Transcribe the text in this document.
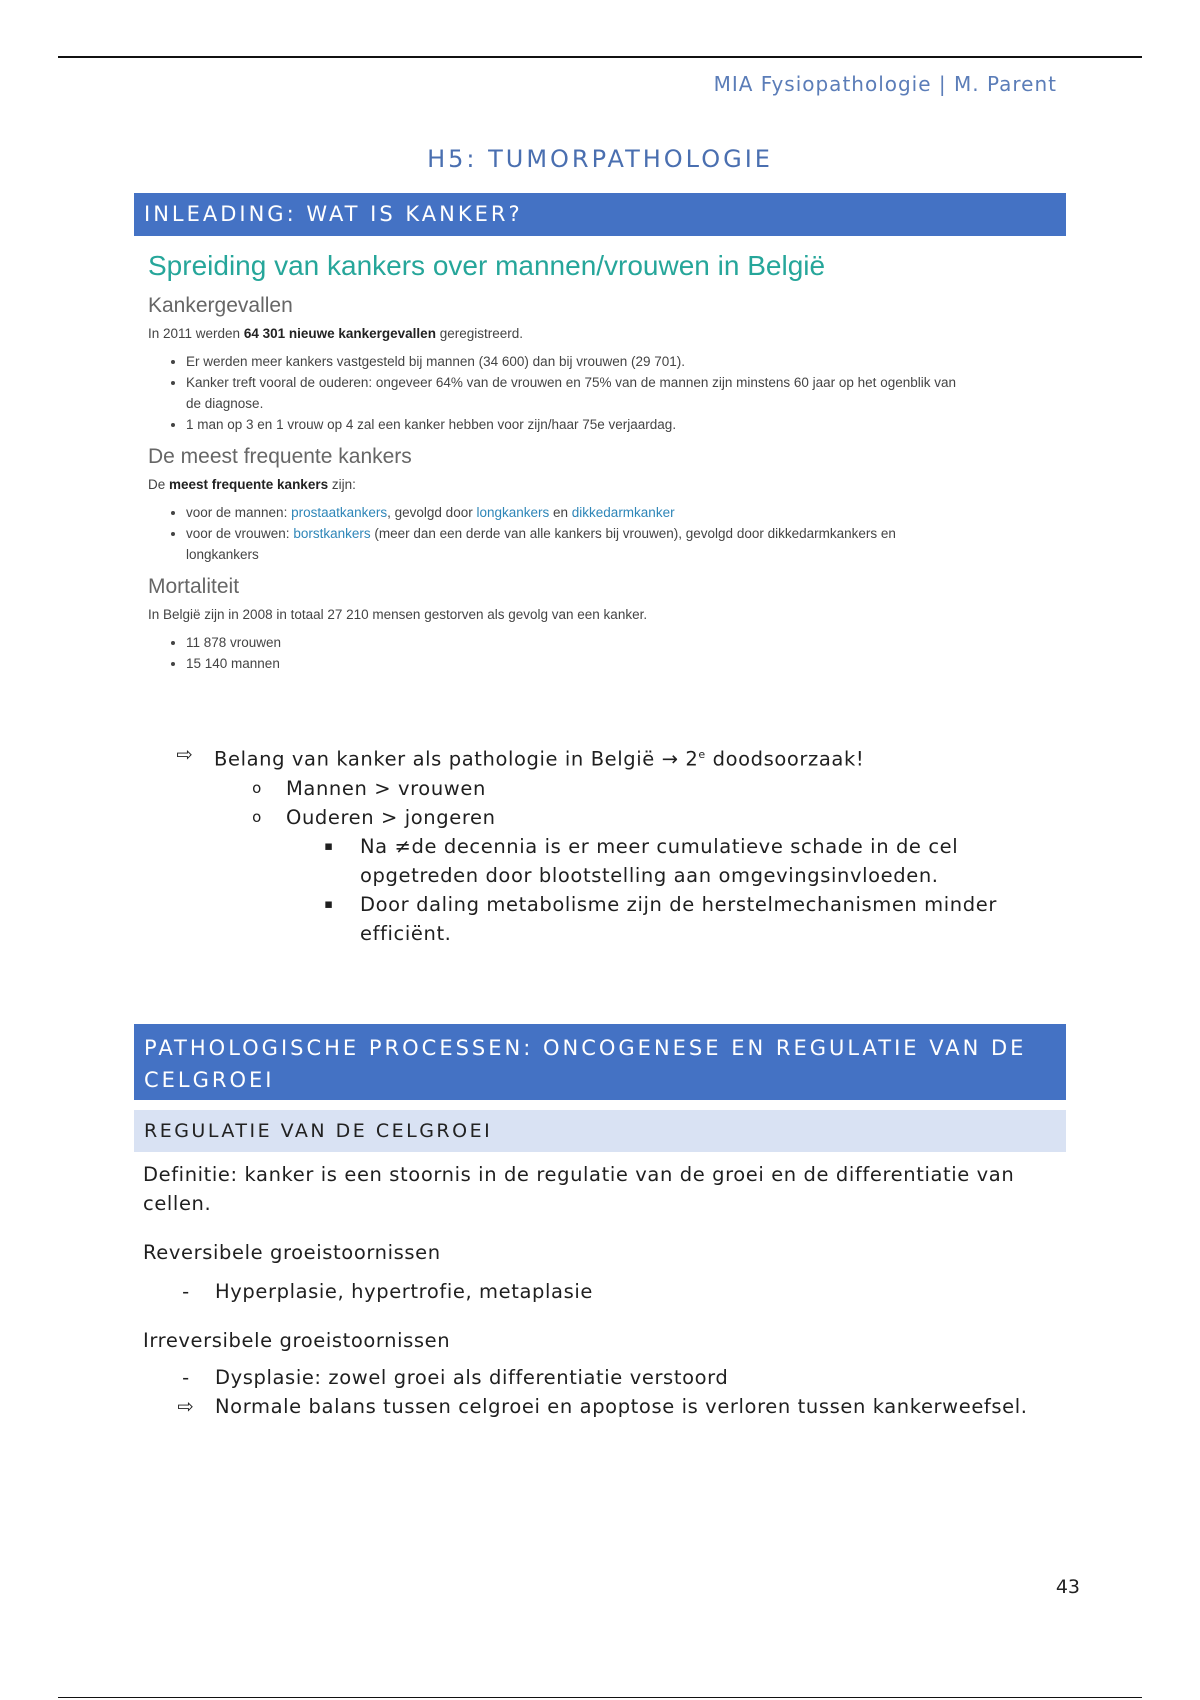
MIA Fysiopathologie | M. Parent
H5: TUMORPATHOLOGIE
INLEADING: WAT IS KANKER?
Spreiding van kankers over mannen/vrouwen in België
Kankergevallen

In 2011 werden 64 301 nieuwe kankergevallen geregistreerd.

• Er werden meer kankers vastgesteld bij mannen (34 600) dan bij vrouwen (29 701).
• Kanker treft vooral de ouderen: ongeveer 64% van de vrouwen en 75% van de mannen zijn minstens 60 jaar op het ogenblik van de diagnose.
• 1 man op 3 en 1 vrouw op 4 zal een kanker hebben voor zijn/haar 75e verjaardag.
De meest frequente kankers

De meest frequente kankers zijn:

• voor de mannen: prostaatkankers, gevolgd door longkankers en dikkedarmkanker
• voor de vrouwen: borstkankers (meer dan een derde van alle kankers bij vrouwen), gevolgd door dikkedarmkankers en longkankers
Mortaliteit

In België zijn in 2008 in totaal 27 210 mensen gestorven als gevolg van een kanker.

• 11 878 vrouwen
• 15 140 mannen
⇨	Belang van kanker als pathologie in België → $2^e$ doodsoorzaak!
o	Mannen > vrouwen
o	Ouderen > jongeren
▪	Na ≠de decennia is er meer cumulatieve schade in de cel opgetreden door blootstelling aan omgevingsinvloeden.
▪	Door daling metabolisme zijn de herstelmechanismen minder efficiënt.
PATHOLOGISCHE PROCESSEN: ONCOGENESE EN REGULATIE VAN DE CELGROEI
REGULATIE VAN DE CELGROEI
Definitie: kanker is een stoornis in de regulatie van de groei en de differentiatie van cellen.
Reversibele groeistoornissen
-	Hyperplasie, hypertrofie, metaplasie
Irreversibele groeistoornissen
-	Dysplasie: zowel groei als differentiatie verstoord
⇨	Normale balans tussen celgroei en apoptose is verloren tussen kankerweefsel.
43
